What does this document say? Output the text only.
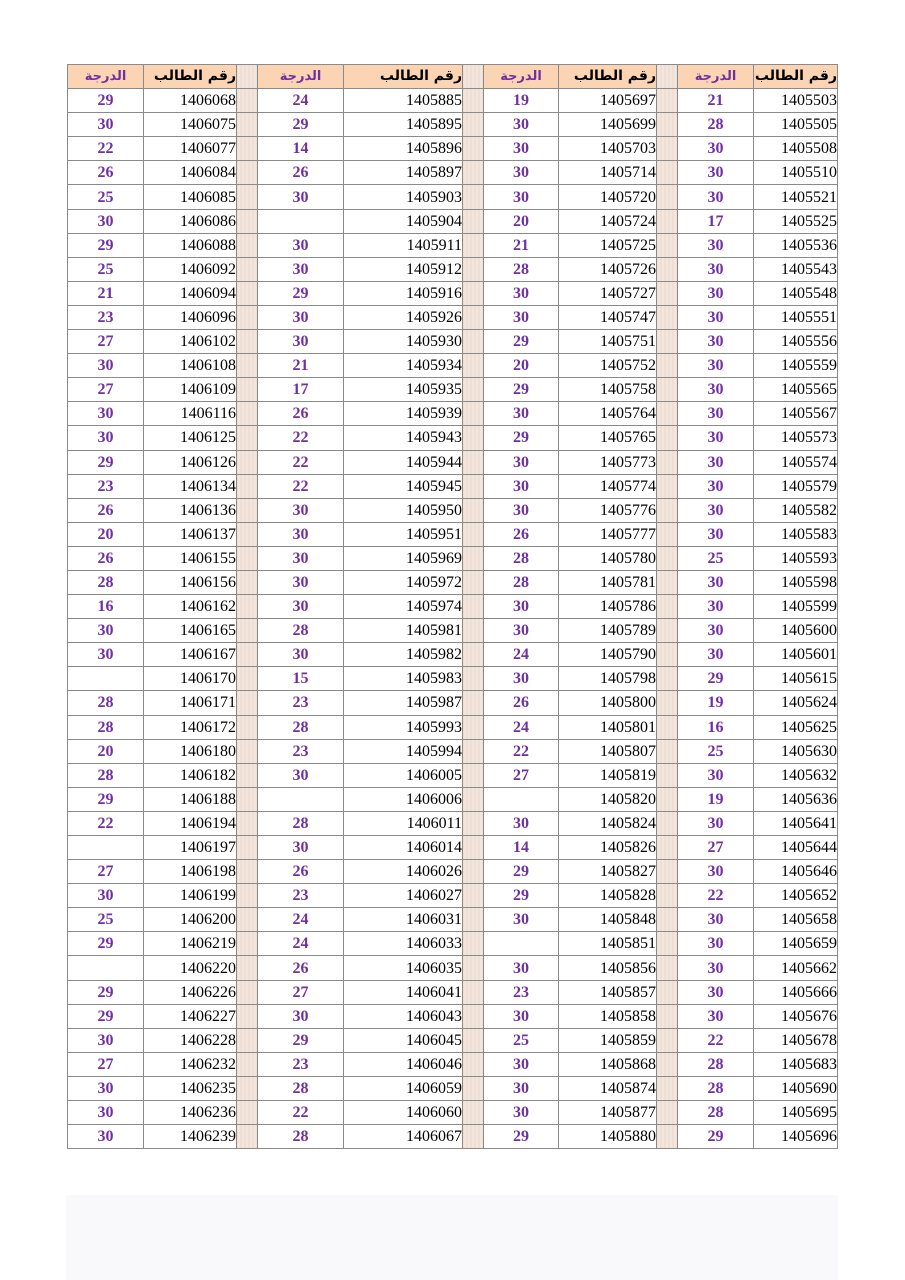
الدرجة	رقم الطالب		الدرجة	رقم الطالب		الدرجة	رقم الطالب		الدرجة	رقم الطالب
29	1406068		24	1405885		19	1405697		21	1405503
30	1406075		29	1405895		30	1405699		28	1405505
22	1406077		14	1405896		30	1405703		30	1405508
26	1406084		26	1405897		30	1405714		30	1405510
25	1406085		30	1405903		30	1405720		30	1405521
30	1406086			1405904		20	1405724		17	1405525
29	1406088		30	1405911		21	1405725		30	1405536
25	1406092		30	1405912		28	1405726		30	1405543
21	1406094		29	1405916		30	1405727		30	1405548
23	1406096		30	1405926		30	1405747		30	1405551
27	1406102		30	1405930		29	1405751		30	1405556
30	1406108		21	1405934		20	1405752		30	1405559
27	1406109		17	1405935		29	1405758		30	1405565
30	1406116		26	1405939		30	1405764		30	1405567
30	1406125		22	1405943		29	1405765		30	1405573
29	1406126		22	1405944		30	1405773		30	1405574
23	1406134		22	1405945		30	1405774		30	1405579
26	1406136		30	1405950		30	1405776		30	1405582
20	1406137		30	1405951		26	1405777		30	1405583
26	1406155		30	1405969		28	1405780		25	1405593
28	1406156		30	1405972		28	1405781		30	1405598
16	1406162		30	1405974		30	1405786		30	1405599
30	1406165		28	1405981		30	1405789		30	1405600
30	1406167		30	1405982		24	1405790		30	1405601
	1406170		15	1405983		30	1405798		29	1405615
28	1406171		23	1405987		26	1405800		19	1405624
28	1406172		28	1405993		24	1405801		16	1405625
20	1406180		23	1405994		22	1405807		25	1405630
28	1406182		30	1406005		27	1405819		30	1405632
29	1406188			1406006			1405820		19	1405636
22	1406194		28	1406011		30	1405824		30	1405641
	1406197		30	1406014		14	1405826		27	1405644
27	1406198		26	1406026		29	1405827		30	1405646
30	1406199		23	1406027		29	1405828		22	1405652
25	1406200		24	1406031		30	1405848		30	1405658
29	1406219		24	1406033			1405851		30	1405659
	1406220		26	1406035		30	1405856		30	1405662
29	1406226		27	1406041		23	1405857		30	1405666
29	1406227		30	1406043		30	1405858		30	1405676
30	1406228		29	1406045		25	1405859		22	1405678
27	1406232		23	1406046		30	1405868		28	1405683
30	1406235		28	1406059		30	1405874		28	1405690
30	1406236		22	1406060		30	1405877		28	1405695
30	1406239		28	1406067		29	1405880		29	1405696
